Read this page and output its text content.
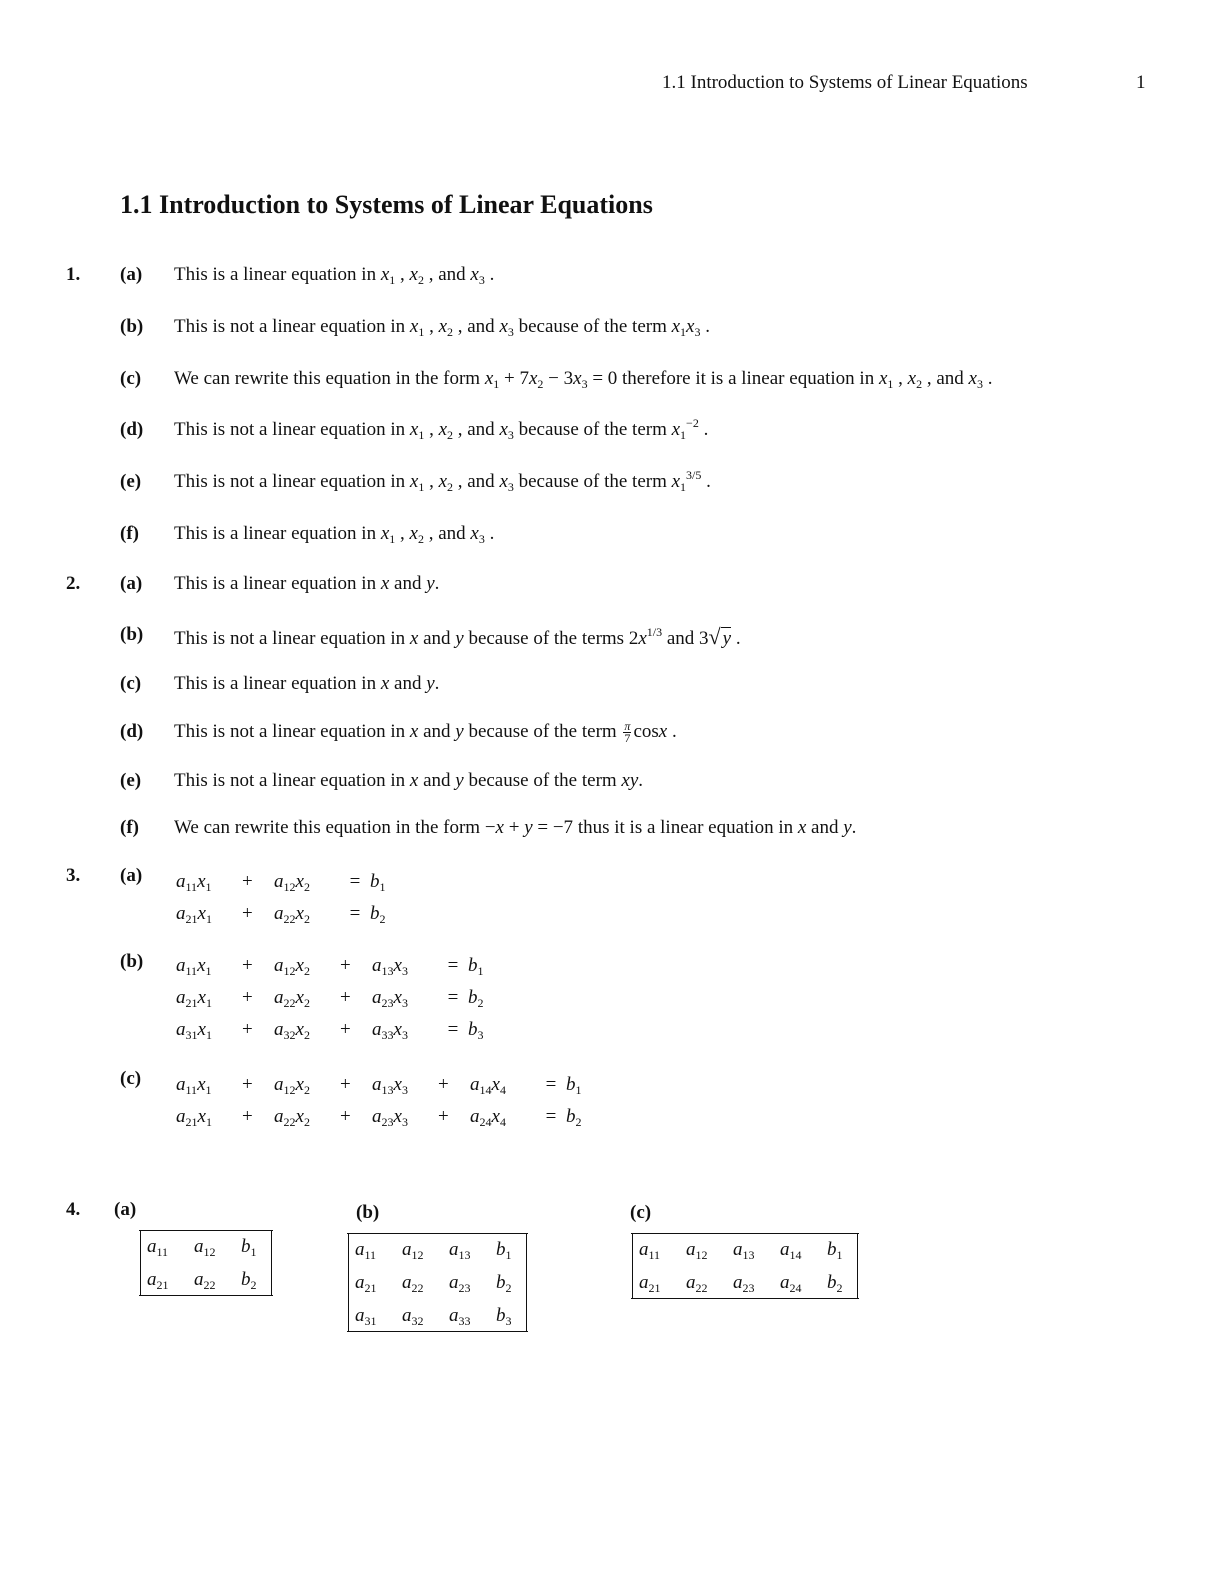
1.1 Introduction to Systems of Linear Equations	1
1.1 Introduction to Systems of Linear Equations
1. (a) This is a linear equation in $x_1$ , $x_2$ , and $x_3$ .
(b) This is not a linear equation in $x_1$ , $x_2$ , and $x_3$ because of the term $x_1x_3$ .
(c) We can rewrite this equation in the form $x_1 + 7x_2 - 3x_3 = 0$ therefore it is a linear equation in $x_1$ , $x_2$ , and $x_3$ .
(d) This is not a linear equation in $x_1$ , $x_2$ , and $x_3$ because of the term $x_1^{-2}$ .
(e) This is not a linear equation in $x_1$ , $x_2$ , and $x_3$ because of the term $x_1^{3/5}$ .
(f) This is a linear equation in $x_1$ , $x_2$ , and $x_3$ .
2. (a) This is a linear equation in x and y.
(b) This is not a linear equation in x and y because of the terms $2x^{1/3}$ and 3√ y .
(c) This is a linear equation in x and y.
(d) This is not a linear equation in x and y because of the term $\frac{\pi}{7}$ cosx .
(e) This is not a linear equation in x and y because of the term xy.
(f) We can rewrite this equation in the form −x + y = −7 thus it is a linear equation in x and y.
3. (a) $a_{11}x_1$	+	$a_{12}x_2$	=	$b_1$
$a_{21}x_1$	+	$a_{22}x_2$	=	$b_2$
(b) $a_{11}x_1$	+	$a_{12}x_2$	+	$a_{13}x_3$	=	$b_1$
$a_{21}x_1$	+	$a_{22}x_2$	+	$a_{23}x_3$	=	$b_2$
$a_{31}x_1$	+	$a_{32}x_2$	+	$a_{33}x_3$	=	$b_3$
(c) $a_{11}x_1$	+	$a_{12}x_2$	+	$a_{13}x_3$	+	$a_{14}x_4$	=	$b_1$
$a_{21}x_1$	+	$a_{22}x_2$	+	$a_{23}x_3$	+	$a_{24}x_4$	=	$b_2$
4. (a)
$a_{11}$	$a_{12}$	$b_1$
$a_{21}$	$a_{22}$	$b_2$
(b)
$a_{11}$	$a_{12}$	$a_{13}$	$b_1$
$a_{21}$	$a_{22}$	$a_{23}$	$b_2$
$a_{31}$	$a_{32}$	$a_{33}$	$b_3$
(c)
$a_{11}$	$a_{12}$	$a_{13}$	$a_{14}$	$b_1$
$a_{21}$	$a_{22}$	$a_{23}$	$a_{24}$	$b_2$
